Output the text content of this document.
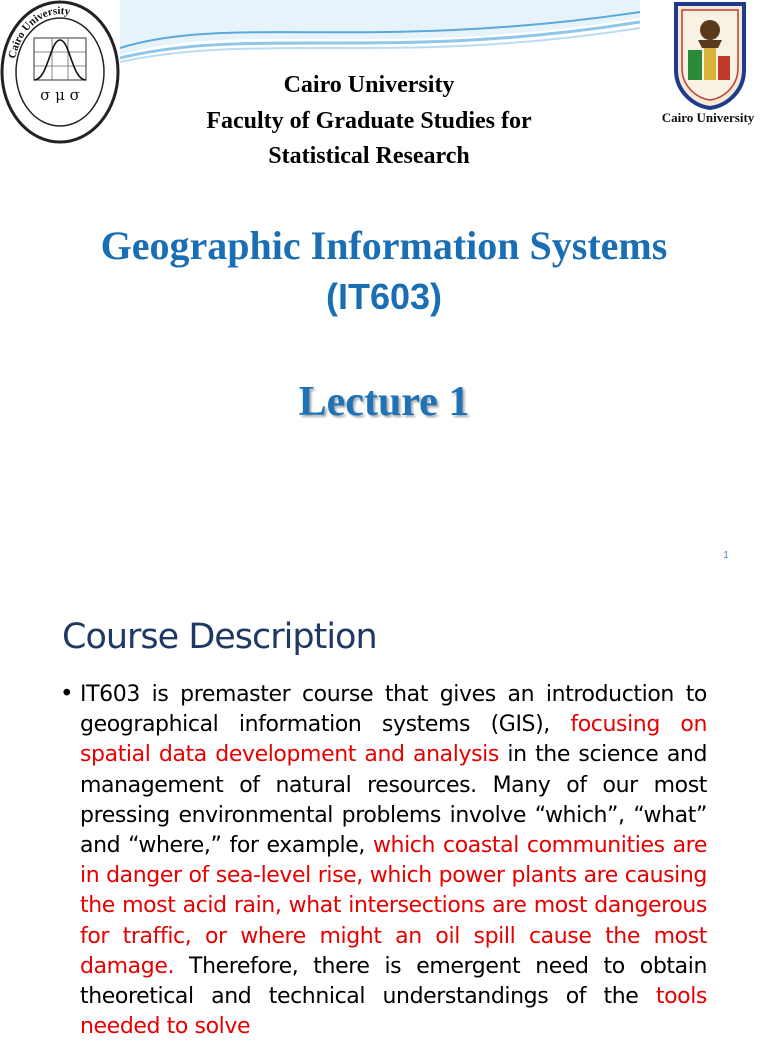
Cairo University
σ μ σ
Cairo University
Cairo University
Faculty of Graduate Studies for
Statistical Research
Geographic Information Systems
(IT603)
Lecture 1
1
Course Description
• IT603 is premaster course that gives an introduction to geographical information systems (GIS), focusing on spatial data development and analysis in the science and management of natural resources. Many of our most pressing environmental problems involve “which”, “what” and “where,” for example, which coastal communities are in danger of sea-level rise, which power plants are causing the most acid rain, what intersections are most dangerous for traffic, or where might an oil spill cause the most damage. Therefore, there is emergent need to obtain theoretical and technical understandings of the tools needed to solve
